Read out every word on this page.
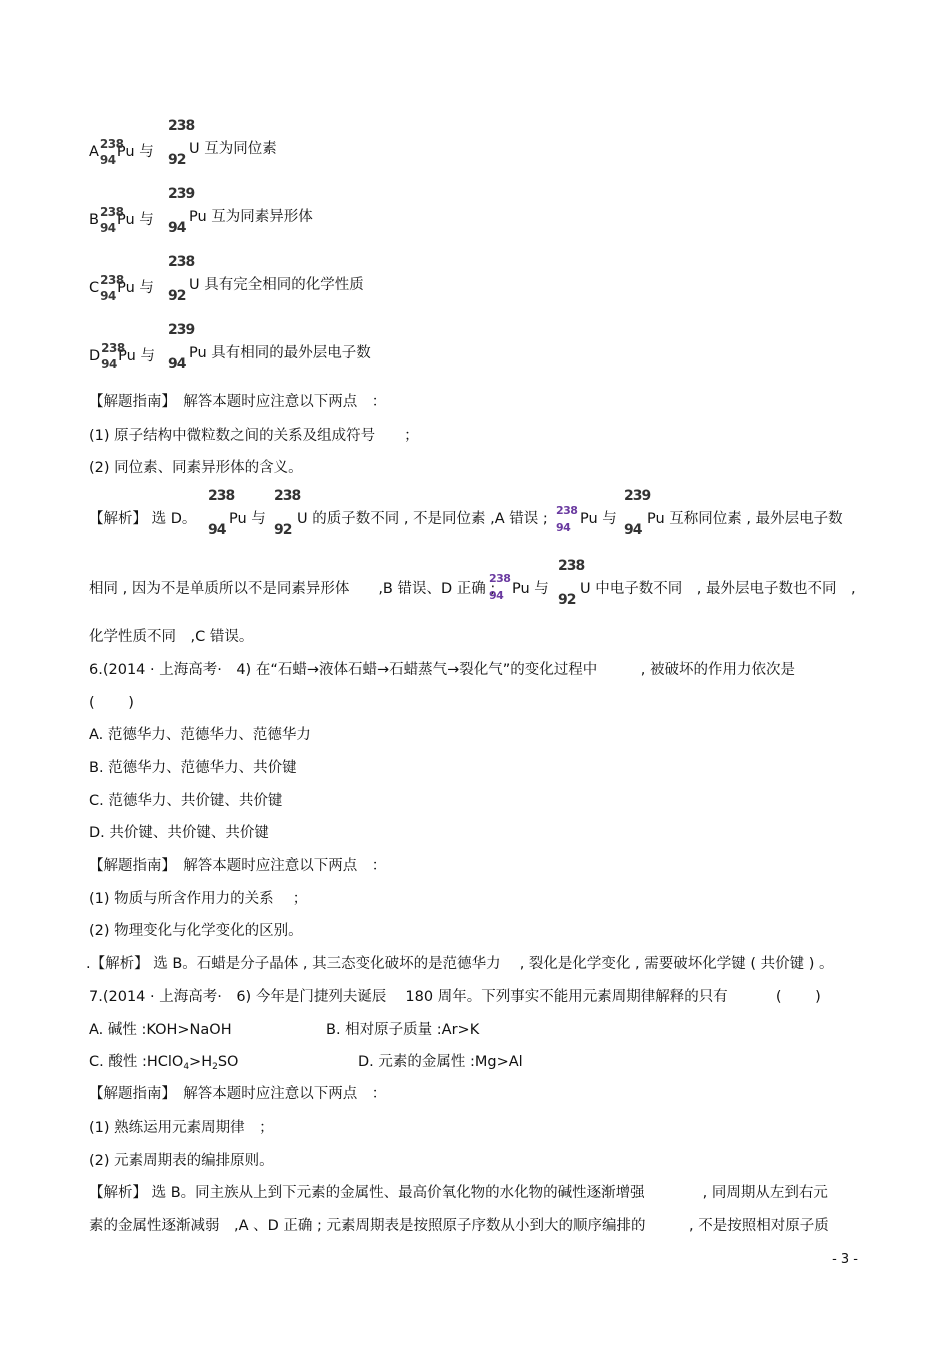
A 238
94 Pu 与
238
92
U 互为同位素
B 238
94 Pu 与
239
94
Pu 互为同素异形体
C 238
94 Pu 与
238
92
U 具有完全相同的化学性质
D 238
94 Pu 与
239
94
Pu 具有相同的最外层电子数
【解题指南】　解答本题时应注意以下两点　：
(1) 原子结构中微粒数之间的关系及组成符号　　；
(2) 同位素、同素异形体的含义。
【解析】 选 D。
238
94
Pu 与
238
92
U 的质子数不同 , 不是同位素 ,A 错误 ;
238
94
Pu 与
239
94
Pu 互称同位素 , 最外层电子数
相同 , 因为不是单质所以不是同素异形体　　,B 错误、D 正确 ;
238
94 Pu 与
238
92
U 中电子数不同　, 最外层电子数也不同　,
化学性质不同　,C 错误。
6.(2014 · 上海高考·　4) 在“石蜡→液体石蜡→石蜡蒸气→裂化气”的变化过程中　　　, 被破坏的作用力依次是
(　　 )
A. 范德华力、范德华力、范德华力
B. 范德华力、范德华力、共价键
C. 范德华力、共价键、共价键
D. 共价键、共价键、共价键
【解题指南】　解答本题时应注意以下两点　：
(1) 物质与所含作用力的关系　 ；
(2) 物理变化与化学变化的区别。
.【解析】 选 B。石蜡是分子晶体 , 其三态变化破坏的是范德华力　 , 裂化是化学变化 , 需要破坏化学键 ( 共价键 ) 。
7.(2014 · 上海高考·　6) 今年是门捷列夫诞辰　 180 周年。下列事实不能用元素周期律解释的只有　　　 (　　 )
A. 碱性 :KOH>NaOH	B. 相对原子质量 :Ar>K
C. 酸性 $:HClO_4>H_2SO$	D. 元素的金属性 :Mg>Al
【解题指南】　解答本题时应注意以下两点　：
(1) 熟练运用元素周期律　；
(2) 元素周期表的编排原则。
【解析】 选 B。同主族从上到下元素的金属性、最高价氧化物的水化物的碱性逐渐增强　　　　, 同周期从左到右元
素的金属性逐渐减弱　,A 、D 正确 ; 元素周期表是按照原子序数从小到大的顺序编排的　　　, 不是按照相对原子质
- 3 -
